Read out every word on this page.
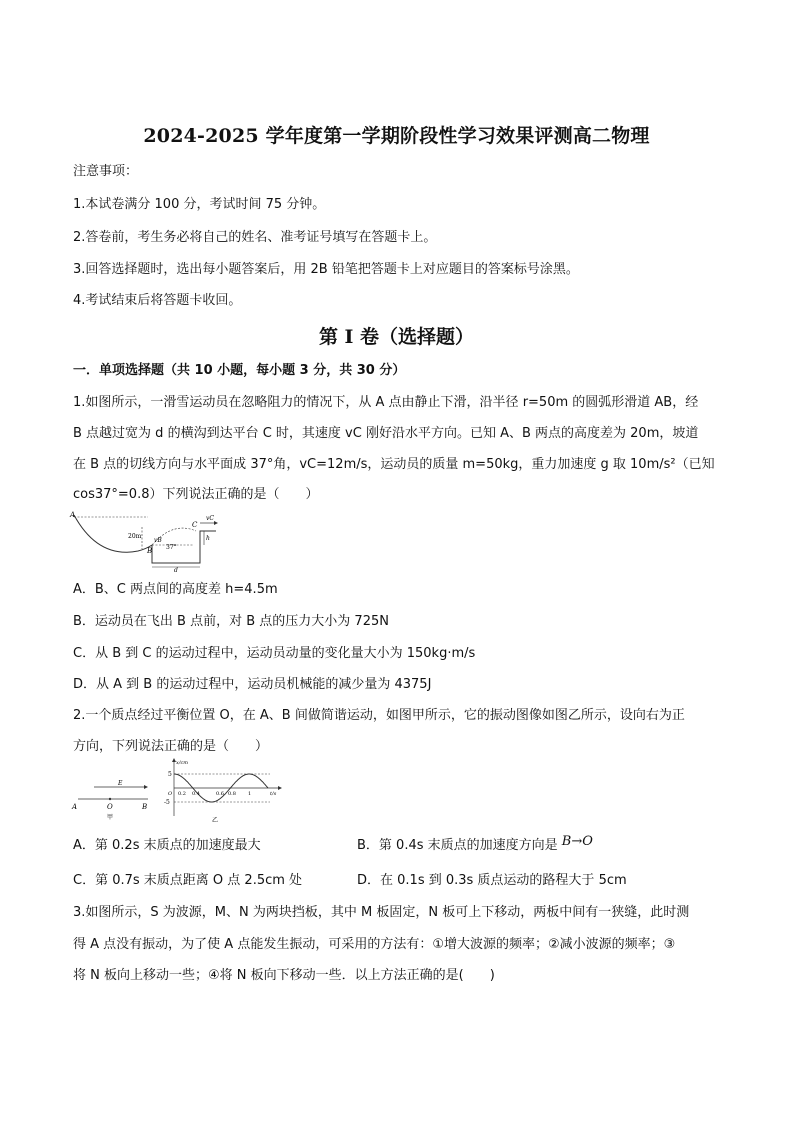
2024-2025 学年度第一学期阶段性学习效果评测高二物理
注意事项：
1.本试卷满分 100 分，考试时间 75 分钟。
2.答卷前，考生务必将自己的姓名、准考证号填写在答题卡上。
3.回答选择题时，选出每小题答案后，用 2B 铅笔把答题卡上对应题目的答案标号涂黑。
4.考试结束后将答题卡收回。
第 I 卷（选择题）
一．单项选择题（共 10 小题，每小题 3 分，共 30 分）
1.如图所示，一滑雪运动员在忽略阻力的情况下，从 A 点由静止下滑，沿半径 r=50m 的圆弧形滑道 AB，经
B 点越过宽为 d 的横沟到达平台 C 时，其速度 vC 刚好沿水平方向。已知 A、B 两点的高度差为 20m，坡道
在 B 点的切线方向与水平面成 37°角，vC=12m/s，运动员的质量 m=50kg，重力加速度 g 取 10m/s²（已知
cos37°=0.8）下列说法正确的是（　　）
A
B
C
20m	h
d
37°
vC
vB
A．B、C 两点间的高度差 h=4.5m
B．运动员在飞出 B 点前，对 B 点的压力大小为 725N
C．从 B 到 C 的运动过程中，运动员动量的变化量大小为 150kg·m/s
D．从 A 到 B 的运动过程中，运动员机械能的减少量为 4375J
2.一个质点经过平衡位置 O，在 A、B 间做简谐运动，如图甲所示，它的振动图像如图乙所示，设向右为正
方向，下列说法正确的是（　　）
A	O	B
E
甲
x/cm
5
-5
0.2 0.4	0.6 0.8 1	t/s
O
乙
A．第 0.2s 末质点的加速度最大	B．第 0.4s 末质点的加速度方向是 B→O
C．第 0.7s 末质点距离 O 点 2.5cm 处	D．在 0.1s 到 0.3s 质点运动的路程大于 5cm
3.如图所示，S 为波源，M、N 为两块挡板，其中 M 板固定，N 板可上下移动，两板中间有一狭缝，此时测
得 A 点没有振动，为了使 A 点能发生振动，可采用的方法有：①增大波源的频率；②减小波源的频率；③
将 N 板向上移动一些；④将 N 板向下移动一些．以上方法正确的是(　　)
